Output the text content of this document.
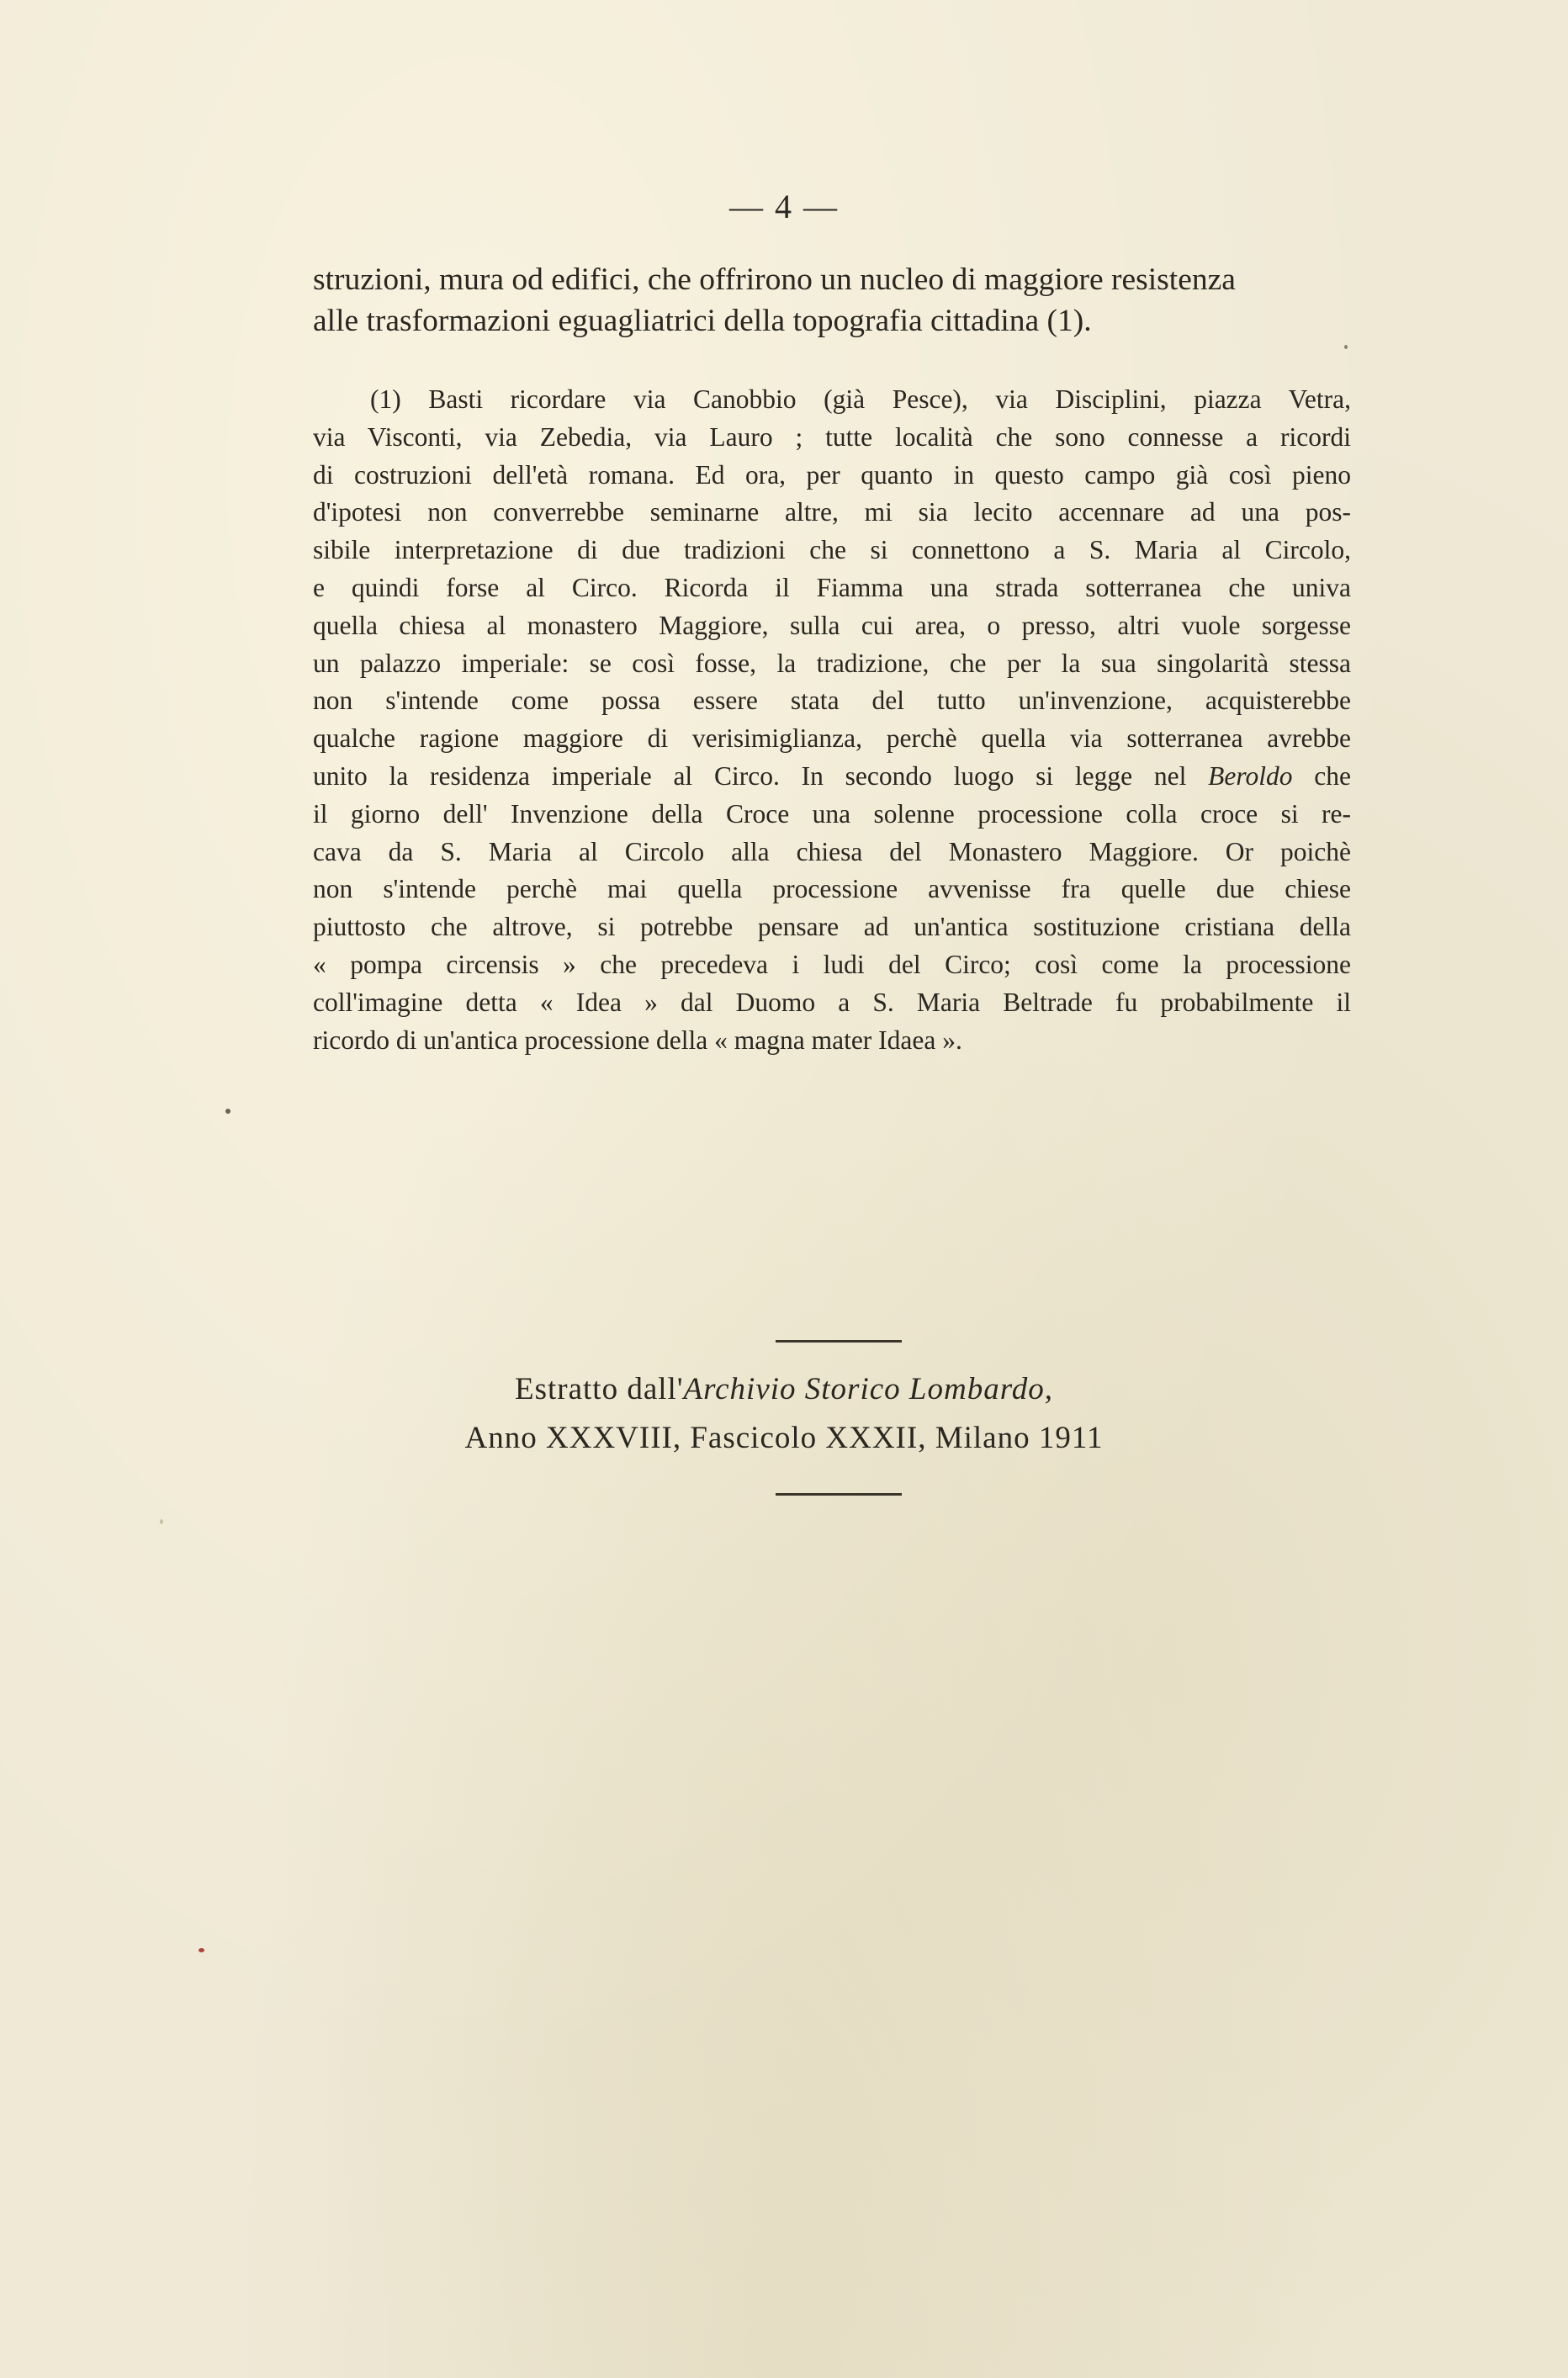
— 4 —
struzioni, mura od edifici, che offrirono un nucleo di maggiore resistenza
alle trasformazioni eguagliatrici della topografia cittadina (1).
(1) Basti ricordare via Canobbio (già Pesce), via Disciplini, piazza Vetra,
via Visconti, via Zebedia, via Lauro ; tutte località che sono connesse a ricordi
di costruzioni dell'età romana. Ed ora, per quanto in questo campo già così pieno
d'ipotesi non converrebbe seminarne altre, mi sia lecito accennare ad una pos-
sibile interpretazione di due tradizioni che si connettono a S. Maria al Circolo,
e quindi forse al Circo. Ricorda il Fiamma una strada sotterranea che univa
quella chiesa al monastero Maggiore, sulla cui area, o presso, altri vuole sorgesse
un palazzo imperiale: se così fosse, la tradizione, che per la sua singolarità stessa
non s'intende come possa essere stata del tutto un'invenzione, acquisterebbe
qualche ragione maggiore di verisimiglianza, perchè quella via sotterranea avrebbe
unito la residenza imperiale al Circo. In secondo luogo si legge nel Beroldo che
il giorno dell' Invenzione della Croce una solenne processione colla croce si re-
cava da S. Maria al Circolo alla chiesa del Monastero Maggiore. Or poichè
non s'intende perchè mai quella processione avvenisse fra quelle due chiese
piuttosto che altrove, si potrebbe pensare ad un'antica sostituzione cristiana della
« pompa circensis » che precedeva i ludi del Circo; così come la processione
coll'imagine detta « Idea » dal Duomo a S. Maria Beltrade fu probabilmente il
ricordo di un'antica processione della « magna mater Idaea ».
Estratto dall'Archivio Storico Lombardo,
Anno XXXVIII, Fascicolo XXXII, Milano 1911
